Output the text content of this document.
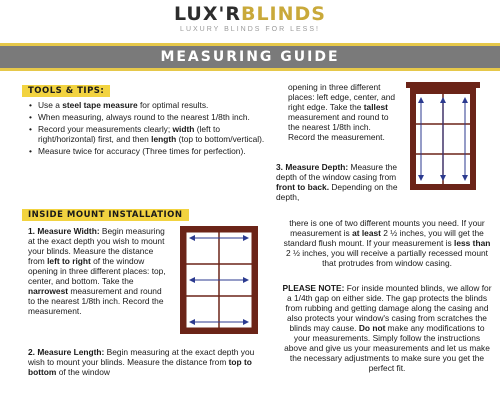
LUX'RBLINDS
LUXURY BLINDS FOR LESS!
MEASURING GUIDE
TOOLS & TIPS:
• Use a steel tape measure for optimal results.
• When measuring, always round to the nearest 1/8th inch.
• Record your measurements clearly; width (left to right/horizontal) first, and then length (top to bottom/vertical).
• Measure twice for accuracy (Three times for perfection).
INSIDE MOUNT INSTALLATION
1. Measure Width: Begin measuring at the exact depth you wish to mount your blinds. Measure the distance from left to right of the window opening in three different places: top, center, and bottom. Take the narrowest measurement and round to the nearest 1/8th inch. Record the measurement.
2. Measure Length: Begin measuring at the exact depth you wish to mount your blinds. Measure the distance from top to bottom of the window
opening in three different places: left edge, center, and right edge. Take the tallest measurement and round to the nearest 1/8th inch. Record the measurement.
3. Measure Depth: Measure the depth of the window casing from front to back. Depending on the depth,
there is one of two different mounts you need. If your measurement is at least 2 ½ inches, you will get the standard flush mount. If your measurement is less than 2 ½ inches, you will receive a partially recessed mount that protrudes from window casing.
PLEASE NOTE: For inside mounted blinds, we allow for a 1/4th gap on either side. The gap protects the blinds from rubbing and getting damage along the casing and also protects your window's casing from scratches the blinds may cause. Do not make any modifications to your measurements. Simply follow the instructions above and give us your measurements and let us make the necessary adjustments to make sure you get the perfect fit.
